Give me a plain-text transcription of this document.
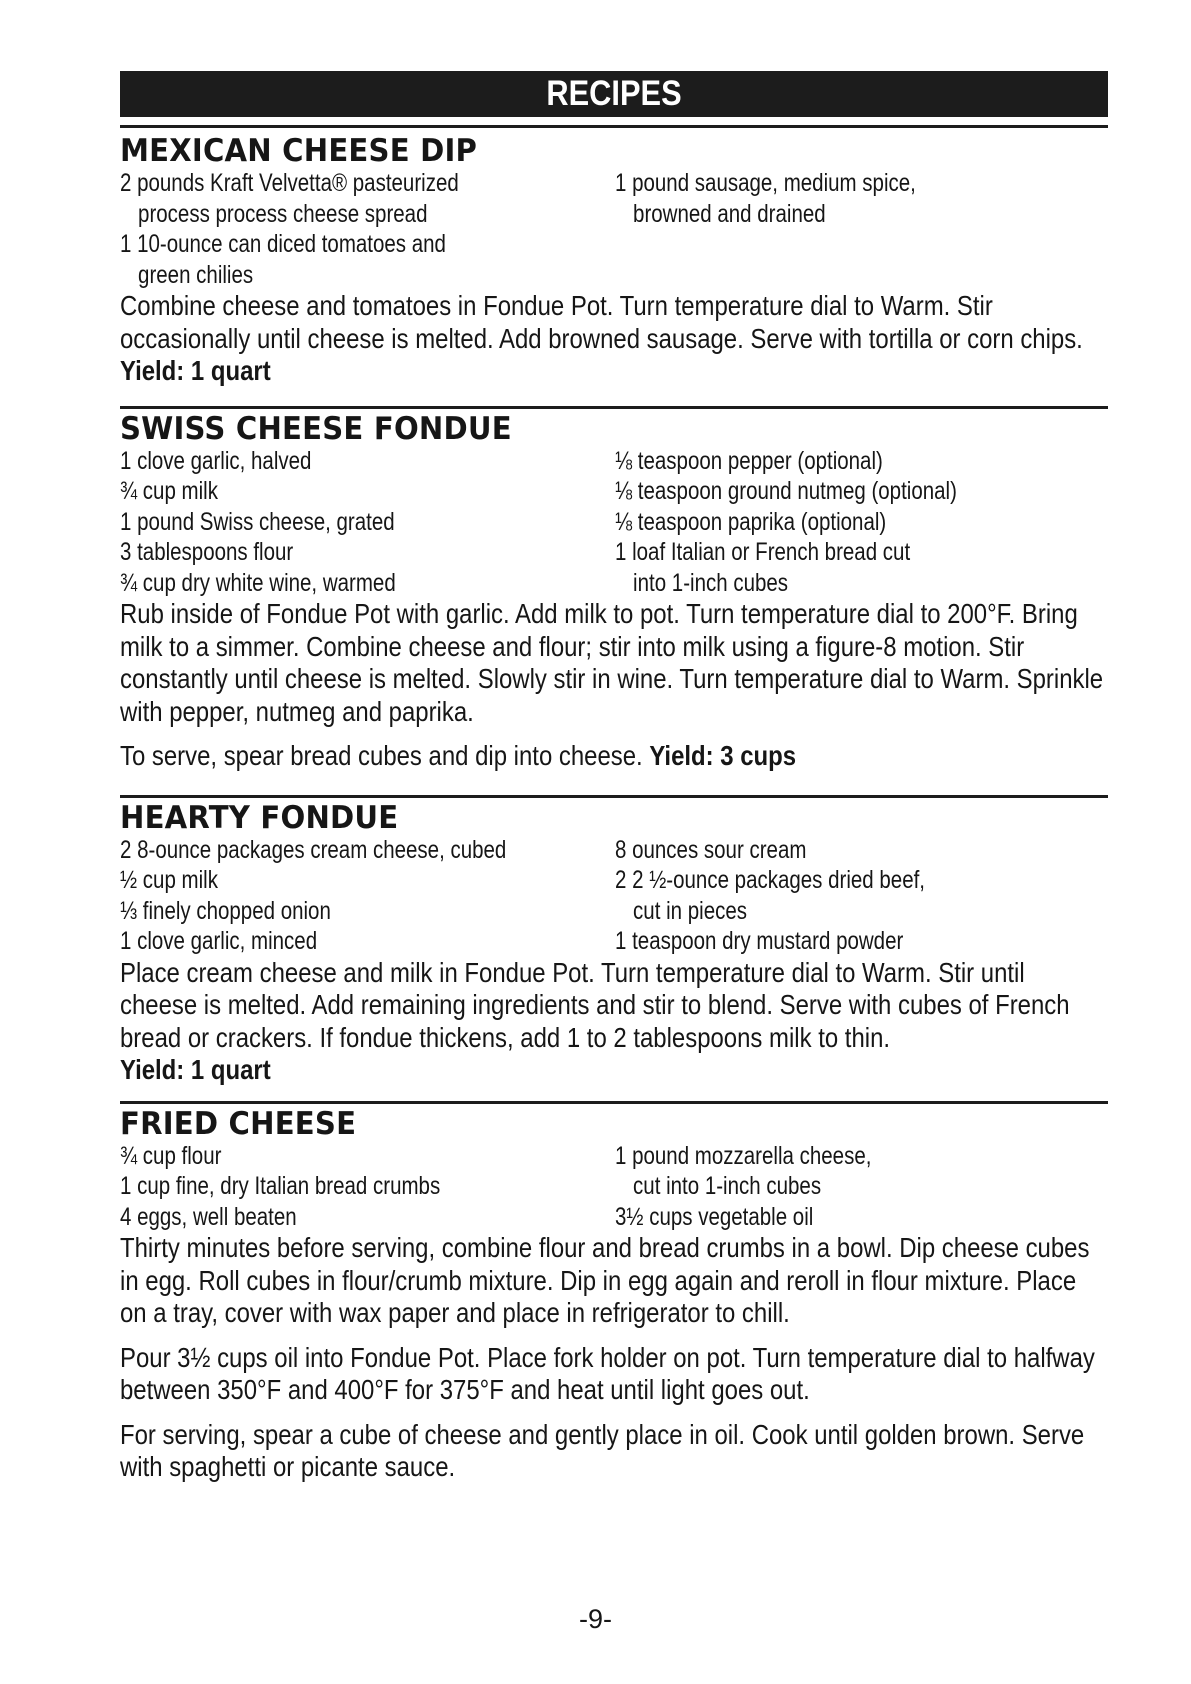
RECIPES
MEXICAN CHEESE DIP
2 pounds Kraft Velvetta® pasteurized
process process cheese spread
1 10-ounce can diced tomatoes and
green chilies
1 pound sausage, medium spice,
browned and drained

Combine cheese and tomatoes in Fondue Pot. Turn temperature dial to Warm. Stir occasionally until cheese is melted. Add browned sausage. Serve with tortilla or corn chips. Yield: 1 quart

SWISS CHEESE FONDUE
1 clove garlic, halved
¾ cup milk
1 pound Swiss cheese, grated
3 tablespoons flour
¾ cup dry white wine, warmed
⅛ teaspoon pepper (optional)
⅛ teaspoon ground nutmeg (optional)
⅛ teaspoon paprika (optional)
1 loaf Italian or French bread cut
into 1-inch cubes

Rub inside of Fondue Pot with garlic. Add milk to pot. Turn temperature dial to 200°F. Bring milk to a simmer. Combine cheese and flour; stir into milk using a figure-8 motion. Stir constantly until cheese is melted. Slowly stir in wine. Turn temperature dial to Warm. Sprinkle with pepper, nutmeg and paprika.

To serve, spear bread cubes and dip into cheese. Yield: 3 cups

HEARTY FONDUE
2 8-ounce packages cream cheese, cubed
½ cup milk
⅓ finely chopped onion
1 clove garlic, minced
8 ounces sour cream
2 2 ½-ounce packages dried beef,
cut in pieces
1 teaspoon dry mustard powder

Place cream cheese and milk in Fondue Pot. Turn temperature dial to Warm. Stir until cheese is melted. Add remaining ingredients and stir to blend. Serve with cubes of French bread or crackers. If fondue thickens, add 1 to 2 tablespoons milk to thin.
Yield: 1 quart

FRIED CHEESE
¾ cup flour
1 cup fine, dry Italian bread crumbs
4 eggs, well beaten
1 pound mozzarella cheese,
cut into 1-inch cubes
3½ cups vegetable oil

Thirty minutes before serving, combine flour and bread crumbs in a bowl. Dip cheese cubes in egg. Roll cubes in flour/crumb mixture. Dip in egg again and reroll in flour mixture. Place on a tray, cover with wax paper and place in refrigerator to chill.

Pour 3½ cups oil into Fondue Pot. Place fork holder on pot. Turn temperature dial to halfway between 350°F and 400°F for 375°F and heat until light goes out.

For serving, spear a cube of cheese and gently place in oil. Cook until golden brown. Serve with spaghetti or picante sauce.

-9-
